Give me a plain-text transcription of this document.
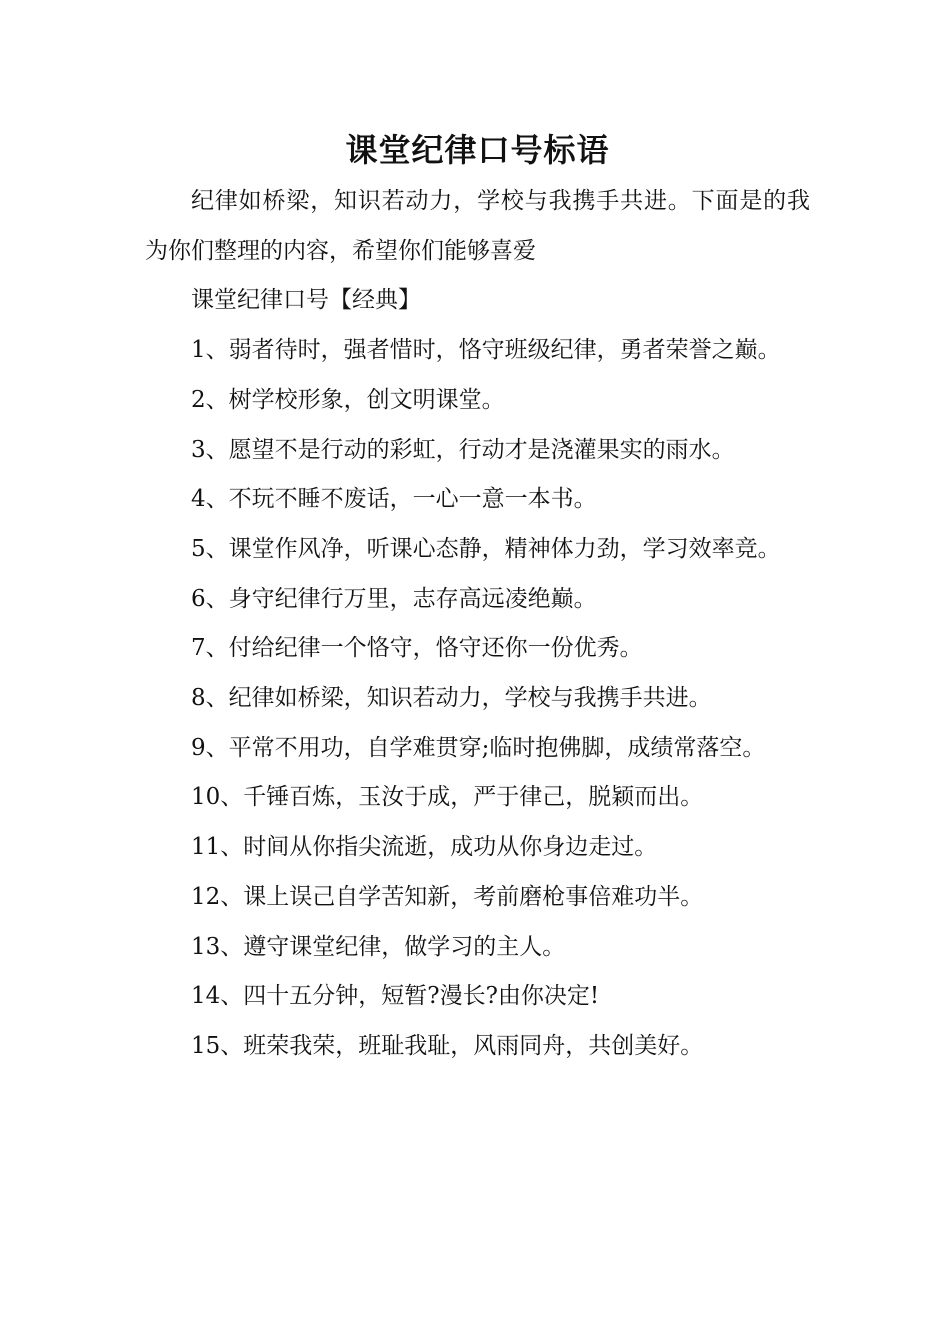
课堂纪律口号标语

纪律如桥梁，知识若动力，学校与我携手共进。下面是的我为你们整理的内容，希望你们能够喜爱

课堂纪律口号【经典】

1、弱者待时，强者惜时，恪守班级纪律，勇者荣誉之巅。

2、树学校形象，创文明课堂。

3、愿望不是行动的彩虹，行动才是浇灌果实的雨水。

4、不玩不睡不废话，一心一意一本书。

5、课堂作风净，听课心态静，精神体力劲，学习效率竞。

6、身守纪律行万里，志存高远凌绝巅。

7、付给纪律一个恪守，恪守还你一份优秀。

8、纪律如桥梁，知识若动力，学校与我携手共进。

9、平常不用功，自学难贯穿;临时抱佛脚，成绩常落空。

10、千锤百炼，玉汝于成，严于律己，脱颖而出。

11、时间从你指尖流逝，成功从你身边走过。

12、课上误己自学苦知新，考前磨枪事倍难功半。

13、遵守课堂纪律，做学习的主人。

14、四十五分钟，短暂?漫长?由你决定!

15、班荣我荣，班耻我耻，风雨同舟，共创美好。
